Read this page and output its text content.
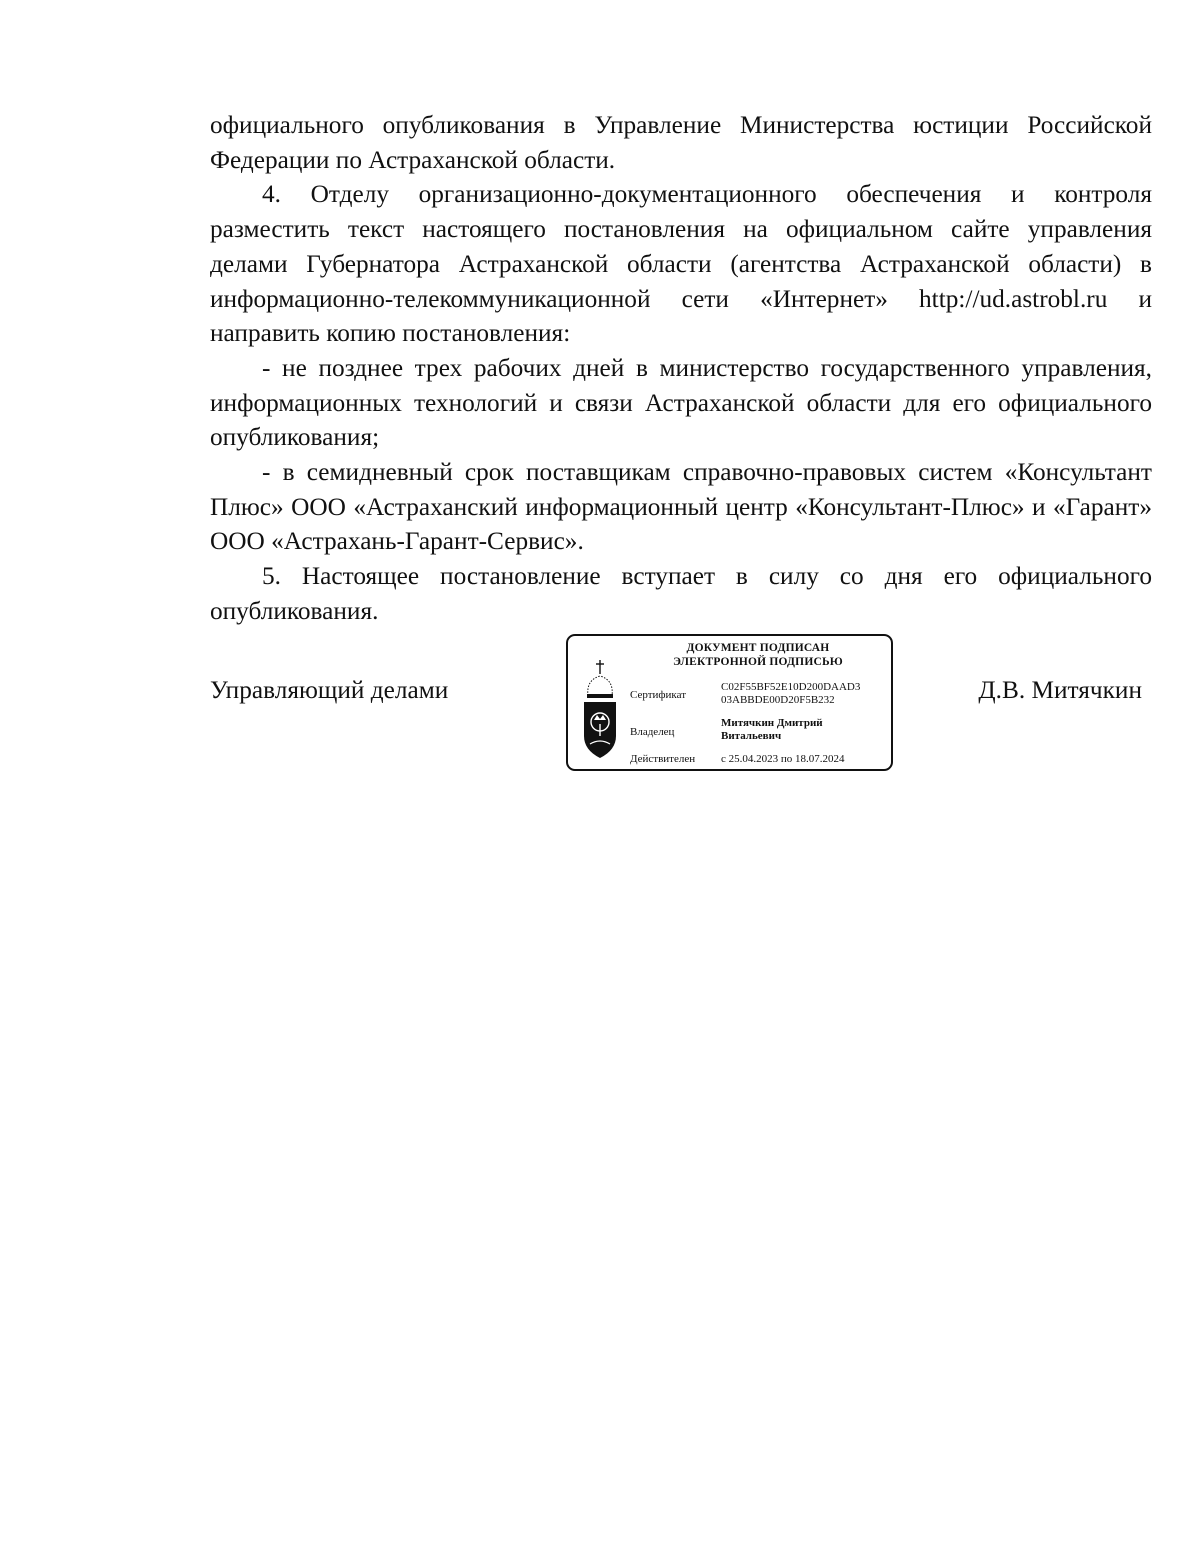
официального опубликования в Управление Министерства юстиции Российской Федерации по Астраханской области.

4. Отделу организационно-документационного обеспечения и контроля разместить текст настоящего постановления на официальном сайте управления делами Губернатора Астраханской области (агентства Астраханской области) в информационно-телекоммуникационной сети «Интернет» http://ud.astrobl.ru и направить копию постановления:

- не позднее трех рабочих дней в министерство государственного управления, информационных технологий и связи Астраханской области для его официального опубликования;

- в семидневный срок поставщикам справочно-правовых систем «Консультант Плюс» ООО «Астраханский информационный центр «Консультант-Плюс» и «Гарант» ООО «Астрахань-Гарант-Сервис».

5. Настоящее постановление вступает в силу со дня его официального опубликования.

Управляющий делами	Д.В. Митячкин
ДОКУМЕНТ ПОДПИСАН
ЭЛЕКТРОННОЙ ПОДПИСЬЮ
Сертификат
C02F55BF52E10D200DAAD3
03ABBDE00D20F5B232
Владелец
Митячкин Дмитрий
Витальевич
Действителен с 25.04.2023 по 18.07.2024
